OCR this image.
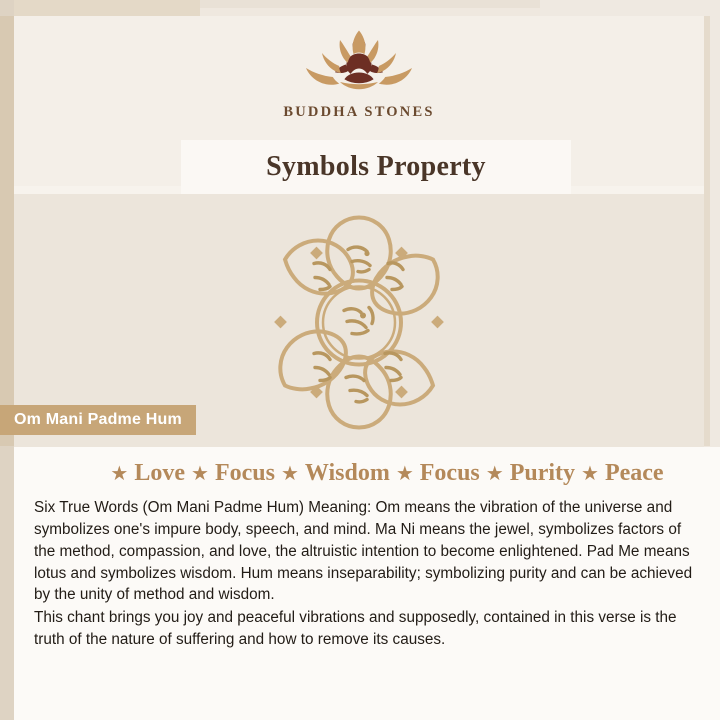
BUDDHA STONES
Symbols Property
Om Mani Padme Hum
★ Love ★ Focus ★ Wisdom ★ Focus ★ Purity ★ Peace

Six True Words (Om Mani Padme Hum) Meaning: Om means the vibration of the universe and symbolizes one's impure body, speech, and mind. Ma Ni means the jewel, symbolizes factors of the method, compassion, and love, the altruistic intention to become enlightened. Pad Me means lotus and symbolizes wisdom. Hum means inseparability; symbolizing purity and can be achieved by the unity of method and wisdom.

This chant brings you joy and peaceful vibrations and supposedly, contained in this verse is the truth of the nature of suffering and how to remove its causes.
